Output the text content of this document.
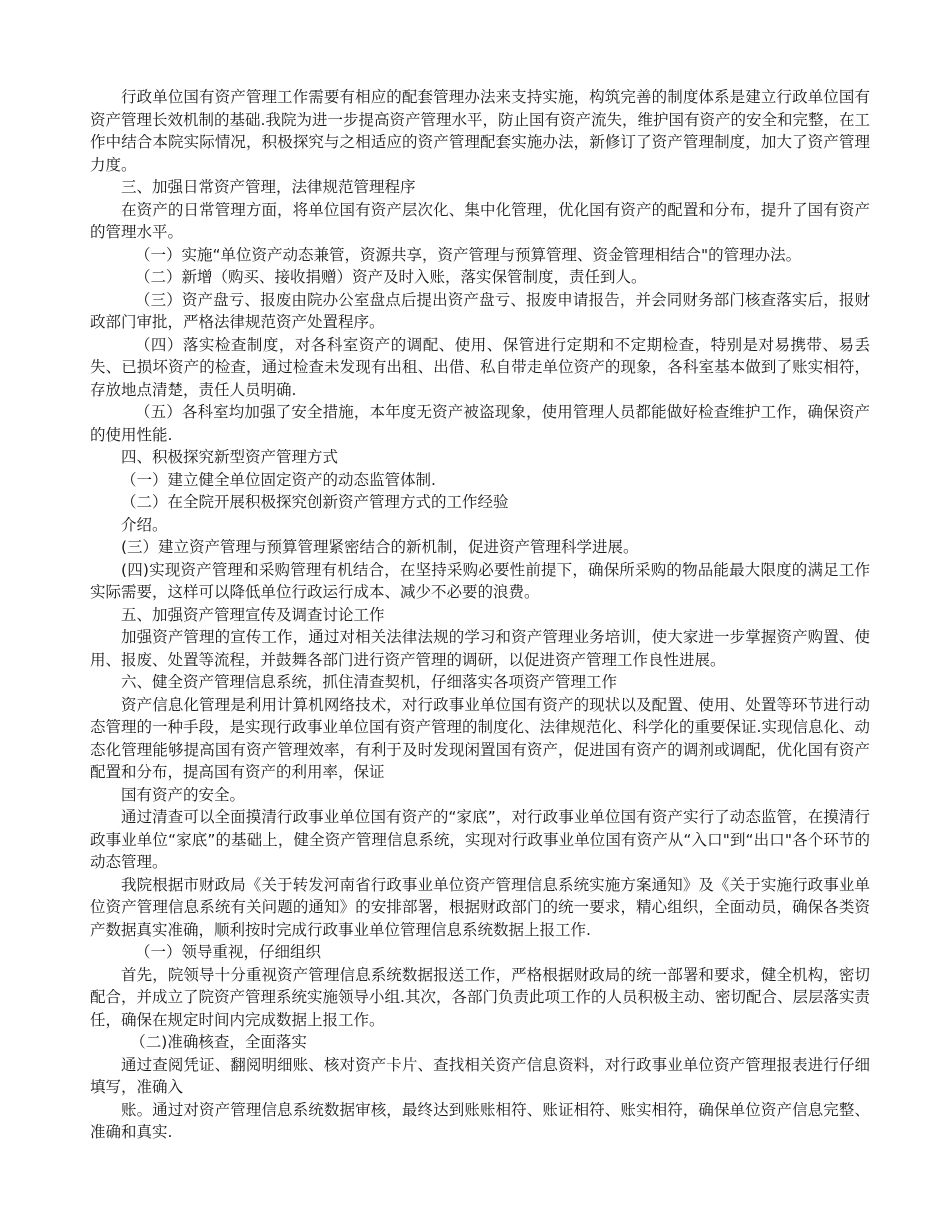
行政单位国有资产管理工作需要有相应的配套管理办法来支持实施，构筑完善的制度体系是建立行政单位国有资产管理长效机制的基础.我院为进一步提高资产管理水平，防止国有资产流失，维护国有资产的安全和完整，在工作中结合本院实际情况，积极探究与之相适应的资产管理配套实施办法，新修订了资产管理制度，加大了资产管理力度。

三、加强日常资产管理，法律规范管理程序

在资产的日常管理方面，将单位国有资产层次化、集中化管理，优化国有资产的配置和分布，提升了国有资产的管理水平。

（一）实施“单位资产动态兼管，资源共享，资产管理与预算管理、资金管理相结合"的管理办法。

（二）新增（购买、接收捐赠）资产及时入账，落实保管制度，责任到人。

（三）资产盘亏、报废由院办公室盘点后提出资产盘亏、报废申请报告，并会同财务部门核查落实后，报财政部门审批，严格法律规范资产处置程序。

（四）落实检查制度，对各科室资产的调配、使用、保管进行定期和不定期检查，特别是对易携带、易丢失、已损坏资产的检查，通过检查未发现有出租、出借、私自带走单位资产的现象，各科室基本做到了账实相符，存放地点清楚，责任人员明确.

（五）各科室均加强了安全措施，本年度无资产被盗现象，使用管理人员都能做好检查维护工作，确保资产的使用性能.

四、积极探究新型资产管理方式

（一）建立健全单位固定资产的动态监管体制.

（二）在全院开展积极探究创新资产管理方式的工作经验

介绍。

(三）建立资产管理与预算管理紧密结合的新机制，促进资产管理科学进展。

(四)实现资产管理和采购管理有机结合，在坚持采购必要性前提下，确保所采购的物品能最大限度的满足工作实际需要，这样可以降低单位行政运行成本、减少不必要的浪费。

五、加强资产管理宣传及调查讨论工作

加强资产管理的宣传工作，通过对相关法律法规的学习和资产管理业务培训，使大家进一步掌握资产购置、使用、报废、处置等流程，并鼓舞各部门进行资产管理的调研，以促进资产管理工作良性进展。

六、健全资产管理信息系统，抓住清查契机，仔细落实各项资产管理工作

资产信息化管理是利用计算机网络技术，对行政事业单位国有资产的现状以及配置、使用、处置等环节进行动态管理的一种手段，是实现行政事业单位国有资产管理的制度化、法律规范化、科学化的重要保证.实现信息化、动态化管理能够提高国有资产管理效率，有利于及时发现闲置国有资产，促进国有资产的调剂或调配，优化国有资产配置和分布，提高国有资产的利用率，保证

国有资产的安全。

通过清查可以全面摸清行政事业单位国有资产的“家底”，对行政事业单位国有资产实行了动态监管，在摸清行政事业单位“家底”的基础上，健全资产管理信息系统，实现对行政事业单位国有资产从“入口"到“出口"各个环节的动态管理。

我院根据市财政局《关于转发河南省行政事业单位资产管理信息系统实施方案通知》及《关于实施行政事业单位资产管理信息系统有关问题的通知》的安排部署，根据财政部门的统一要求，精心组织，全面动员，确保各类资产数据真实准确，顺利按时完成行政事业单位管理信息系统数据上报工作.

（一）领导重视，仔细组织

首先，院领导十分重视资产管理信息系统数据报送工作，严格根据财政局的统一部署和要求，健全机构，密切配合，并成立了院资产管理系统实施领导小组.其次，各部门负责此项工作的人员积极主动、密切配合、层层落实责任，确保在规定时间内完成数据上报工作。

（二)准确核查，全面落实

通过查阅凭证、翻阅明细账、核对资产卡片、查找相关资产信息资料，对行政事业单位资产管理报表进行仔细填写，准确入

账。通过对资产管理信息系统数据审核，最终达到账账相符、账证相符、账实相符，确保单位资产信息完整、准确和真实.
